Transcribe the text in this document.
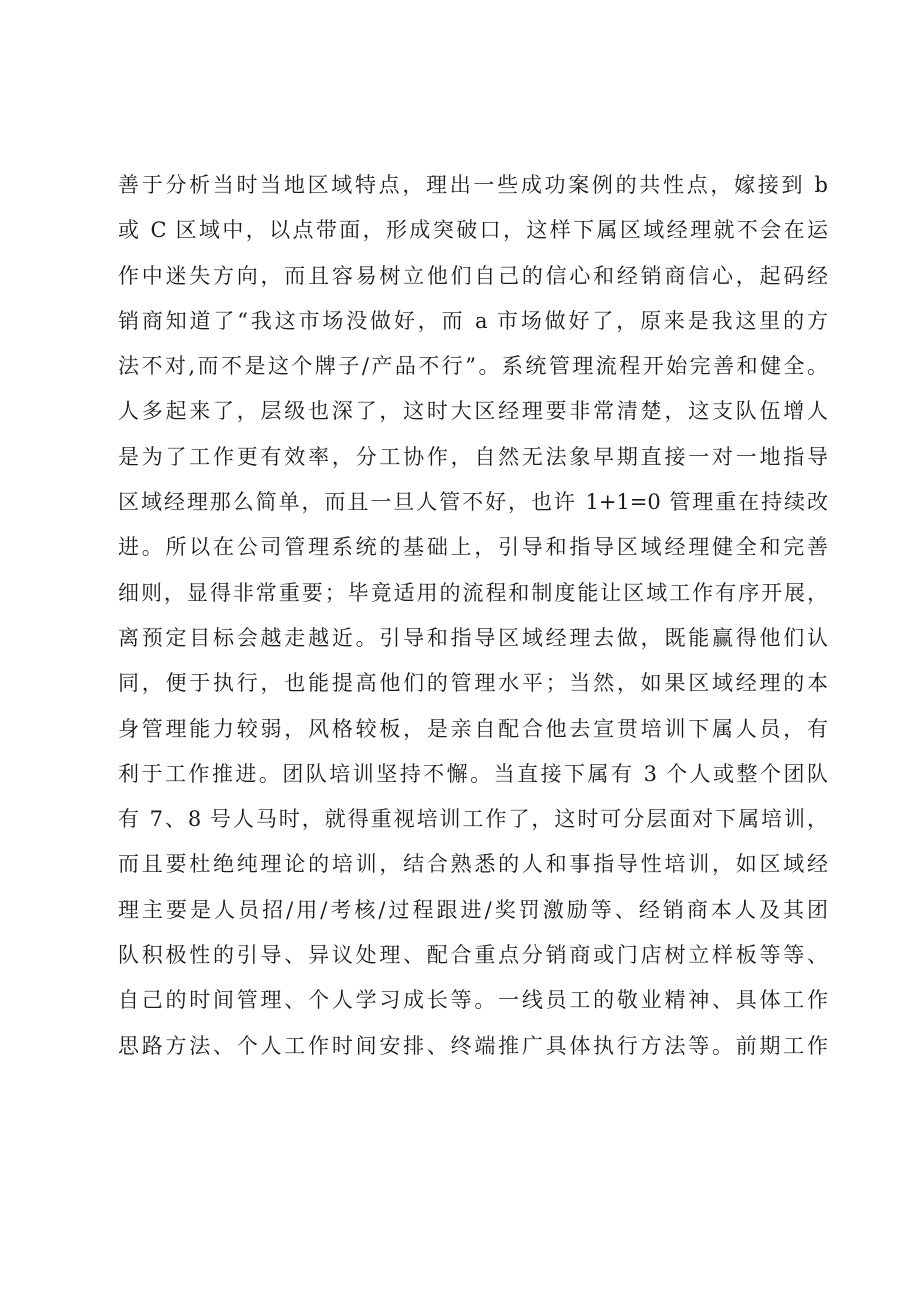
善于分析当时当地区域特点，理出一些成功案例的共性点，嫁接到 b
或 C 区域中，以点带面，形成突破口，这样下属区域经理就不会在运
作中迷失方向，而且容易树立他们自己的信心和经销商信心，起码经
销商知道了“我这市场没做好，而 a 市场做好了，原来是我这里的方
法不对,而不是这个牌子/产品不行”。系统管理流程开始完善和健全。
人多起来了，层级也深了，这时大区经理要非常清楚，这支队伍增人
是为了工作更有效率，分工协作，自然无法象早期直接一对一地指导
区域经理那么简单，而且一旦人管不好，也许 1+1=0 管理重在持续改
进。所以在公司管理系统的基础上，引导和指导区域经理健全和完善
细则，显得非常重要；毕竟适用的流程和制度能让区域工作有序开展，
离预定目标会越走越近。引导和指导区域经理去做，既能赢得他们认
同，便于执行，也能提高他们的管理水平；当然，如果区域经理的本
身管理能力较弱，风格较板，是亲自配合他去宣贯培训下属人员，有
利于工作推进。团队培训坚持不懈。当直接下属有 3 个人或整个团队
有 7、8 号人马时，就得重视培训工作了，这时可分层面对下属培训，
而且要杜绝纯理论的培训，结合熟悉的人和事指导性培训，如区域经
理主要是人员招/用/考核/过程跟进/奖罚激励等、经销商本人及其团
队积极性的引导、异议处理、配合重点分销商或门店树立样板等等、
自己的时间管理、个人学习成长等。一线员工的敬业精神、具体工作
思路方法、个人工作时间安排、终端推广具体执行方法等。前期工作
